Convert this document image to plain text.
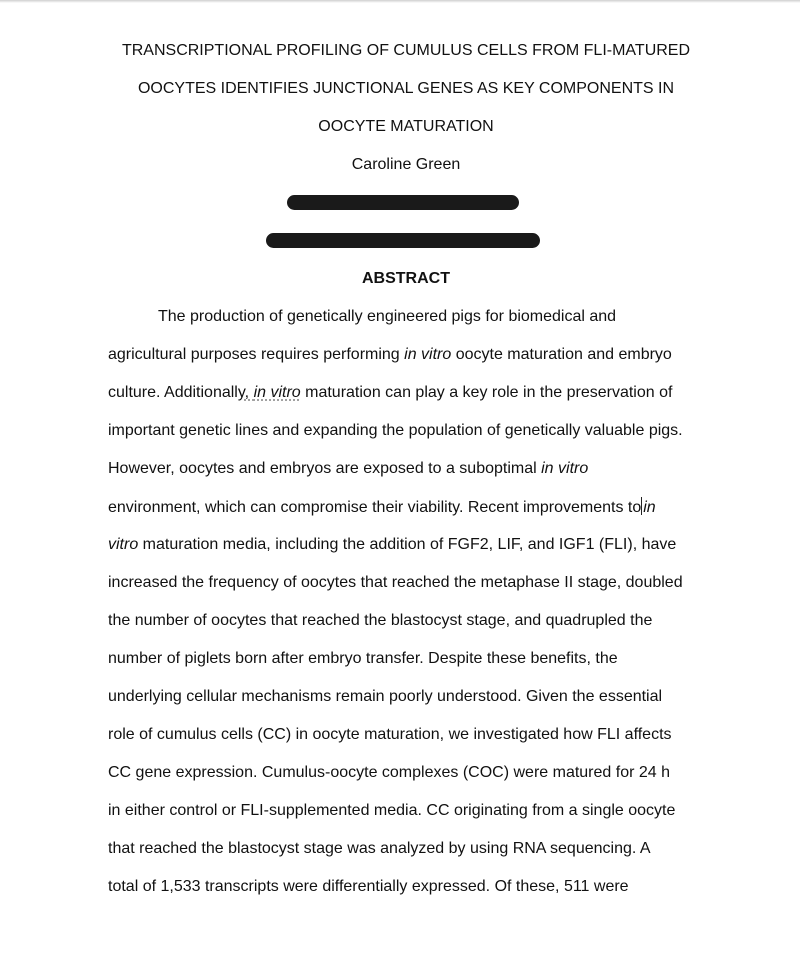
TRANSCRIPTIONAL PROFILING OF CUMULUS CELLS FROM FLI-MATURED
OOCYTES IDENTIFIES JUNCTIONAL GENES AS KEY COMPONENTS IN
OOCYTE MATURATION
Caroline Green
ABSTRACT
The production of genetically engineered pigs for biomedical and
agricultural purposes requires performing in vitro oocyte maturation and embryo
culture. Additionally, in vitro maturation can play a key role in the preservation of
important genetic lines and expanding the population of genetically valuable pigs.
However, oocytes and embryos are exposed to a suboptimal in vitro
environment, which can compromise their viability. Recent improvements to in
vitro maturation media, including the addition of FGF2, LIF, and IGF1 (FLI), have
increased the frequency of oocytes that reached the metaphase II stage, doubled
the number of oocytes that reached the blastocyst stage, and quadrupled the
number of piglets born after embryo transfer. Despite these benefits, the
underlying cellular mechanisms remain poorly understood. Given the essential
role of cumulus cells (CC) in oocyte maturation, we investigated how FLI affects
CC gene expression. Cumulus-oocyte complexes (COC) were matured for 24 h
in either control or FLI-supplemented media. CC originating from a single oocyte
that reached the blastocyst stage was analyzed by using RNA sequencing. A
total of 1,533 transcripts were differentially expressed. Of these, 511 were
